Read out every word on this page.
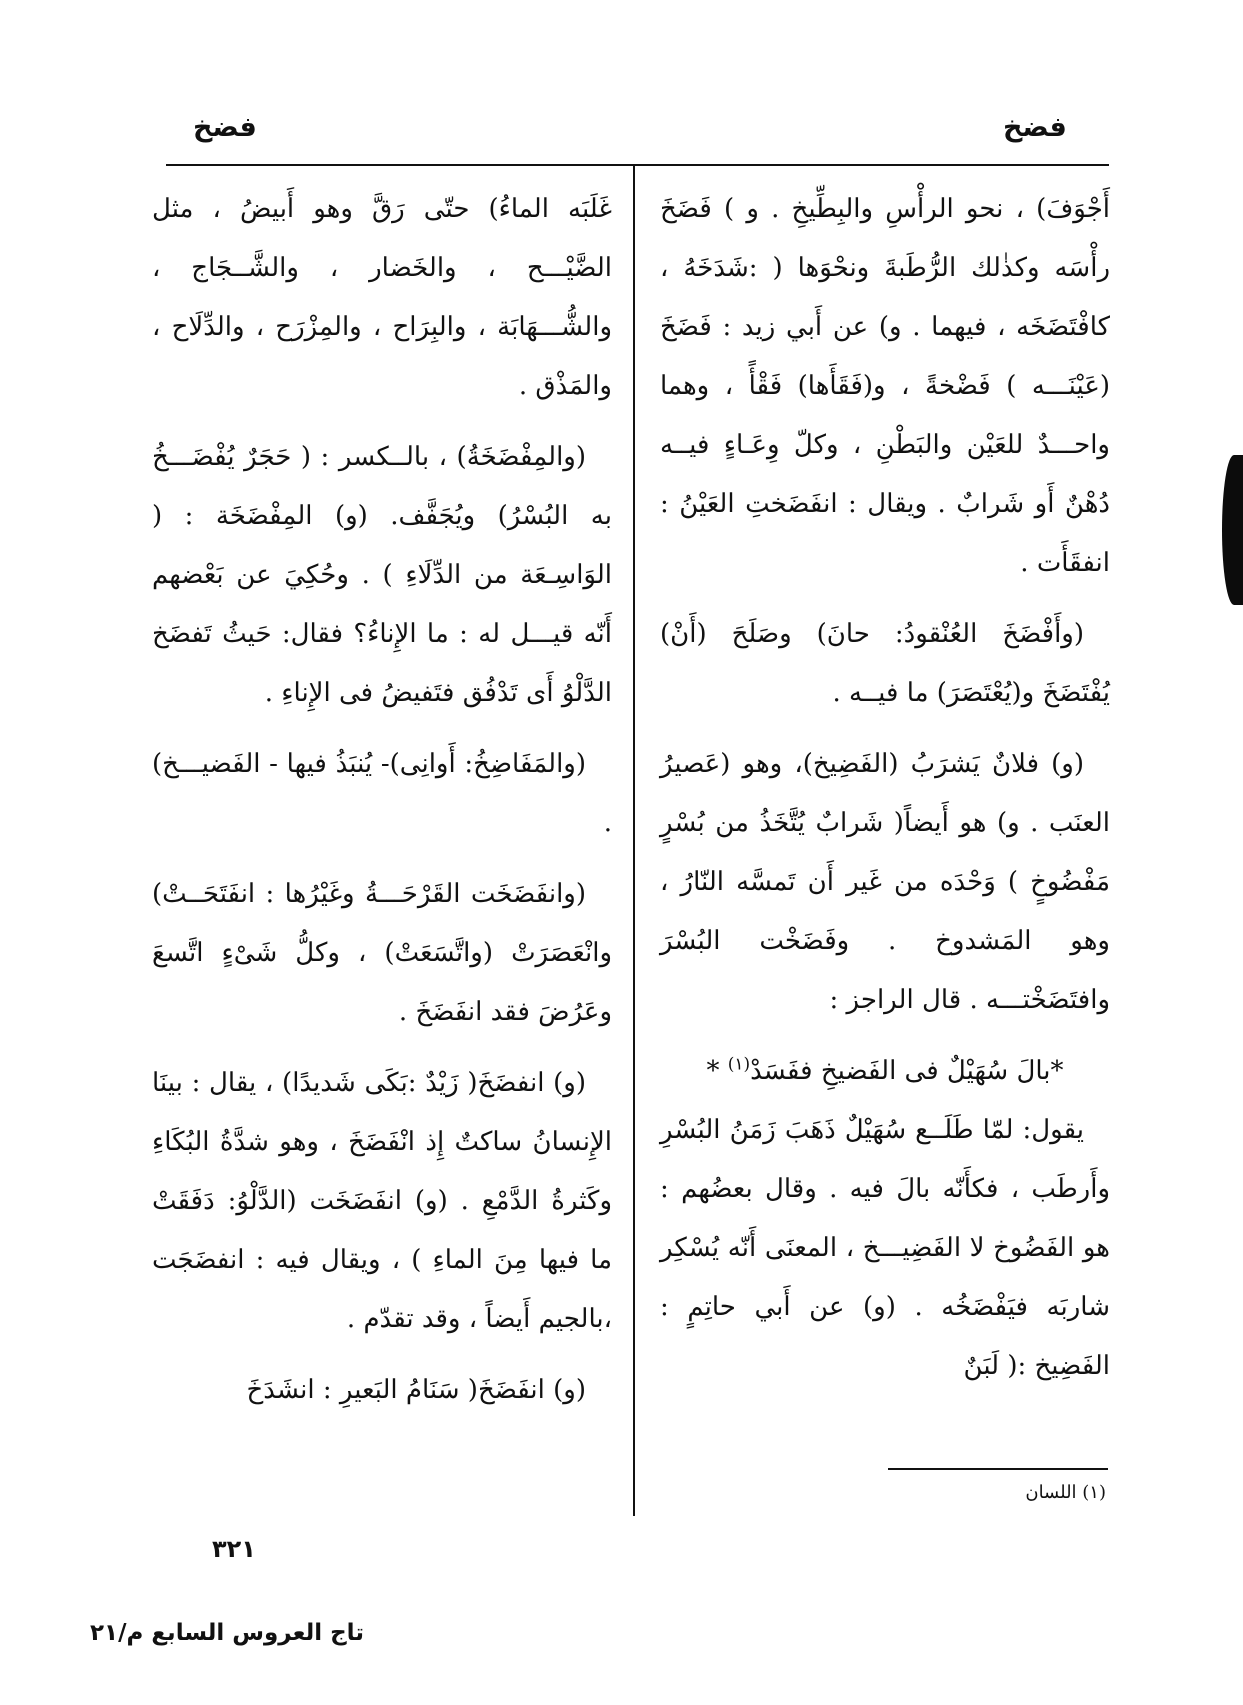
فضخ
فضخ

أَجْوَفَ) ، نحو الرأْسِ والبِطِّيخِ . و ) فَضَخَ رأْسَه وكذٰلك الرُّطَبةَ ونحْوَها ( :شَدَخَهُ ، كافْتَضَخَه ، فيهما . و) عن أَبي زيد : فَضَخَ (عَيْنَـــه ) فَضْخةً ، و(فَقَأَها) فَقْأً ، وهما واحـــدٌ للعَيْن والبَطْنِ ، وكلّ وِعَـاءٍ فيــه دُهْنٌ أَو شَرابٌ . ويقال : انفَضَختِ العَيْنُ : انفقَأَت .

(وأَفْضَخَ العُنْقودُ: حانَ) وصَلَحَ (أَنْ) يُفْتَضَخَ و(يُعْتَصَرَ) ما فيــه .

(و) فلانٌ يَشرَبُ (الفَضِيخ)، وهو (عَصيرُ العنَب . و) هو أَيضاً( شَرابٌ يُتَّخَذُ من بُسْرٍ مَفْضُوخٍ ) وَحْدَه من غَير أَن تَمسَّه النّارُ ، وهو المَشدوخ . وفَضَخْت البُسْرَ وافتَضَخْتـــه . قال الراجز :

*بالَ سُهَيْلٌ فى الفَضيخِ ففَسَدْ$^{(١)}$ *

يقول: لمّا طَلَــع سُهَيْلٌ ذَهَبَ زَمَنُ البُسْرِ وأَرطَب ، فكأَنّه بالَ فيه . وقال بعضُهم : هو الفَضُوخ لا الفَضِيـــخ ، المعنَى أَنّه يُسْكِر شاربَه فيَفْضَخُه . (و) عن أَبي حاتِمٍ : الفَضِيخ :( لَبَنٌ

غَلَبَه الماءُ) حتّى رَقَّ وهو أَبيضُ ، مثل الضَّيْـــح ، والخَضار ، والشَّــجَاج ، والشُّـــهَابَة ، والبِرَاح ، والمِزْرَح ، والدِّلَاح ، والمَذْق .

(والمِفْضَخَةُ) ، بالــكسر : ( حَجَرٌ يُفْضَـــخُ به البُسْرُ) ويُجَفَّف. (و) المِفْضَخَة : ( الوَاسِـعَة من الدِّلَاءِ ) . وحُكِيَ عن بَعْضهم أَنّه قيـــل له : ما الإِناءُ؟ فقال: حَيثُ تَفضَخ الدَّلْوُ أَى تَدْفُق فتَفيضُ فى الإِناءِ .

(والمَفَاضِخُ: أَوانِى)- يُنبَذُ فيها - الفَضيـــخ) .

(وانفَضَخَت القَرْحَـــةُ وغَيْرُها : انفَتَحَــتْ) وانْعَصَرَتْ (واتَّسَعَتْ) ، وكلُّ شَىْءٍ اتَّسعَ وعَرُضَ فقد انفَضَخَ .

(و) انفضَخَ( زَيْدٌ :بَكَى شَديدًا) ، يقال : بينَا الإِنسانُ ساكتٌ إِذ انْفَضَخَ ، وهو شدَّةُ البُكَاءِ وكَثرةُ الدَّمْعِ . (و) انفَضَخَت (الدَّلْوُ: دَفَقَتْ ما فيها مِنَ الماءِ ) ، ويقال فيه : انفضَجَت ،بالجيم أَيضاً ، وقد تقدّم .

(و) انفَضَخَ( سَنَامُ البَعيرِ : انشَدَخَ

(١) اللسان
٣٢١
تاج العروس السابع م/٢١
